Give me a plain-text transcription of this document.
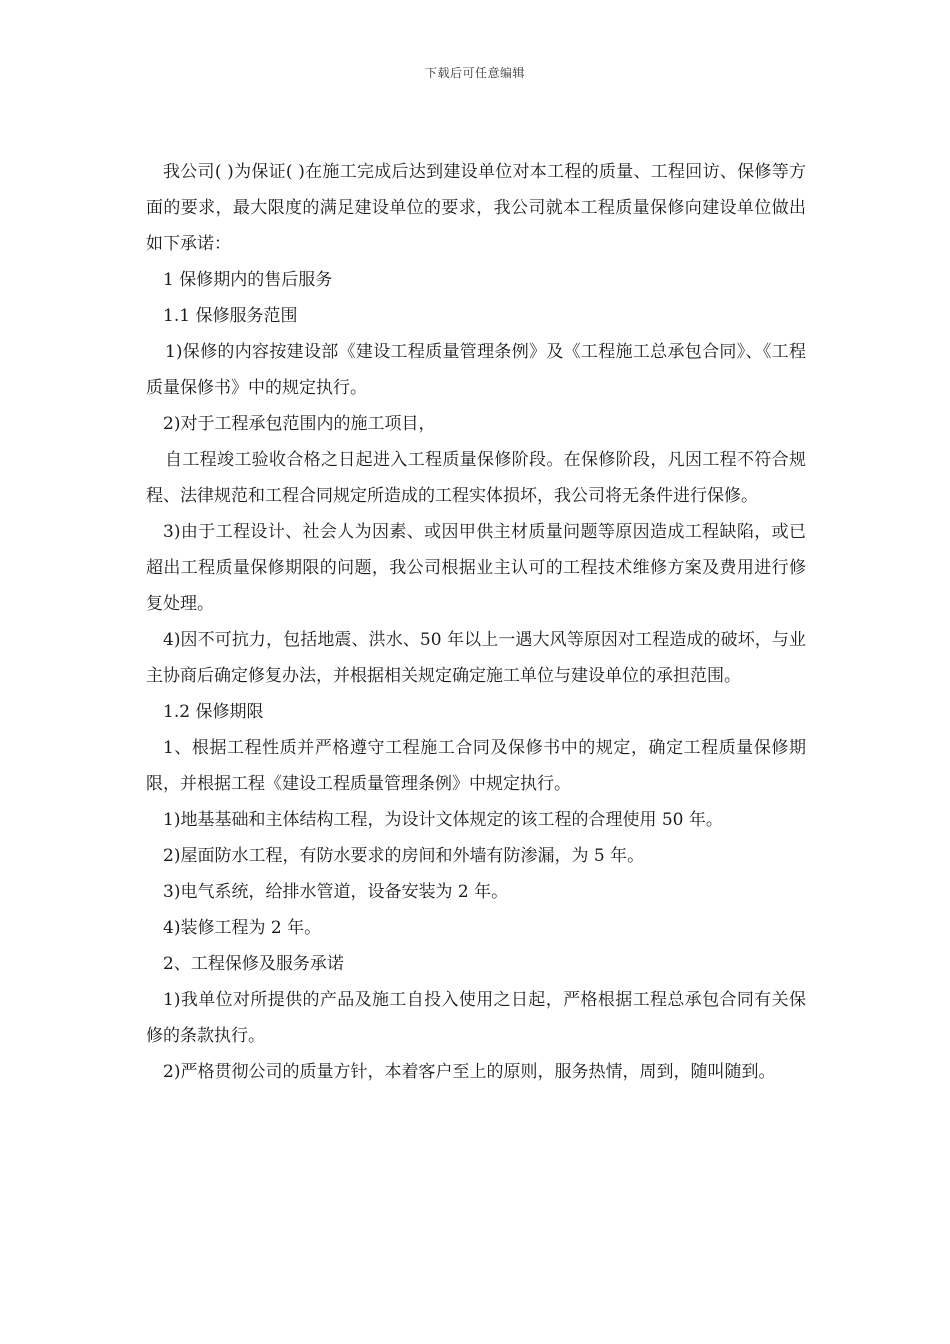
下载后可任意编辑

我公司( )为保证( )在施工完成后达到建设单位对本工程的质量、工程回访、保修等方面的要求，最大限度的满足建设单位的要求，我公司就本工程质量保修向建设单位做出如下承诺：

1 保修期内的售后服务

1.1 保修服务范围

1)保修的内容按建设部《建设工程质量管理条例》及《工程施工总承包合同》、《工程质量保修书》中的规定执行。

2)对于工程承包范围内的施工项目，

自工程竣工验收合格之日起进入工程质量保修阶段。在保修阶段，凡因工程不符合规程、法律规范和工程合同规定所造成的工程实体损坏，我公司将无条件进行保修。

3)由于工程设计、社会人为因素、或因甲供主材质量问题等原因造成工程缺陷，或已超出工程质量保修期限的问题，我公司根据业主认可的工程技术维修方案及费用进行修复处理。

4)因不可抗力，包括地震、洪水、50 年以上一遇大风等原因对工程造成的破坏，与业主协商后确定修复办法，并根据相关规定确定施工单位与建设单位的承担范围。

1.2 保修期限

1、根据工程性质并严格遵守工程施工合同及保修书中的规定，确定工程质量保修期限，并根据工程《建设工程质量管理条例》中规定执行。

1)地基基础和主体结构工程，为设计文体规定的该工程的合理使用 50 年。

2)屋面防水工程，有防水要求的房间和外墙有防渗漏，为 5 年。

3)电气系统，给排水管道，设备安装为 2 年。

4)装修工程为 2 年。

2、工程保修及服务承诺

1)我单位对所提供的产品及施工自投入使用之日起，严格根据工程总承包合同有关保修的条款执行。

2)严格贯彻公司的质量方针，本着客户至上的原则，服务热情，周到，随叫随到。
